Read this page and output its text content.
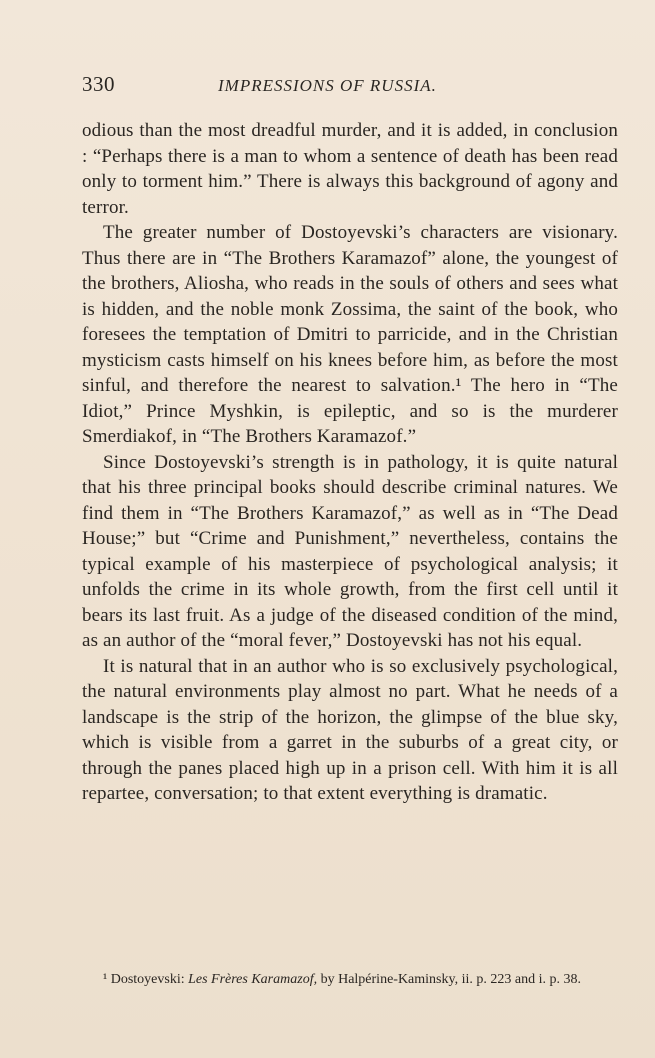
330	IMPRESSIONS OF RUSSIA.

odious than the most dreadful murder, and it is added, in conclusion : “Perhaps there is a man to whom a sentence of death has been read only to torment him.” There is always this background of agony and terror.

The greater number of Dostoyevski’s characters are visionary. Thus there are in “The Brothers Karamazof” alone, the youngest of the brothers, Aliosha, who reads in the souls of others and sees what is hidden, and the noble monk Zossima, the saint of the book, who foresees the temptation of Dmitri to parricide, and in the Christian mysticism casts himself on his knees before him, as before the most sinful, and therefore the nearest to salvation.¹ The hero in “The Idiot,” Prince Myshkin, is epileptic, and so is the murderer Smerdiakof, in “The Brothers Karamazof.”

Since Dostoyevski’s strength is in pathology, it is quite natural that his three principal books should describe criminal natures. We find them in “The Brothers Karamazof,” as well as in “The Dead House;” but “Crime and Punishment,” nevertheless, contains the typical example of his masterpiece of psychological analysis; it unfolds the crime in its whole growth, from the first cell until it bears its last fruit. As a judge of the diseased condition of the mind, as an author of the “moral fever,” Dostoyevski has not his equal.

It is natural that in an author who is so exclusively psychological, the natural environments play almost no part. What he needs of a landscape is the strip of the horizon, the glimpse of the blue sky, which is visible from a garret in the suburbs of a great city, or through the panes placed high up in a prison cell. With him it is all repartee, conversation; to that extent everything is dramatic.

¹ Dostoyevski: Les Frères Karamazof, by Halpérine-Kaminsky, ii. p. 223 and i. p. 38.
